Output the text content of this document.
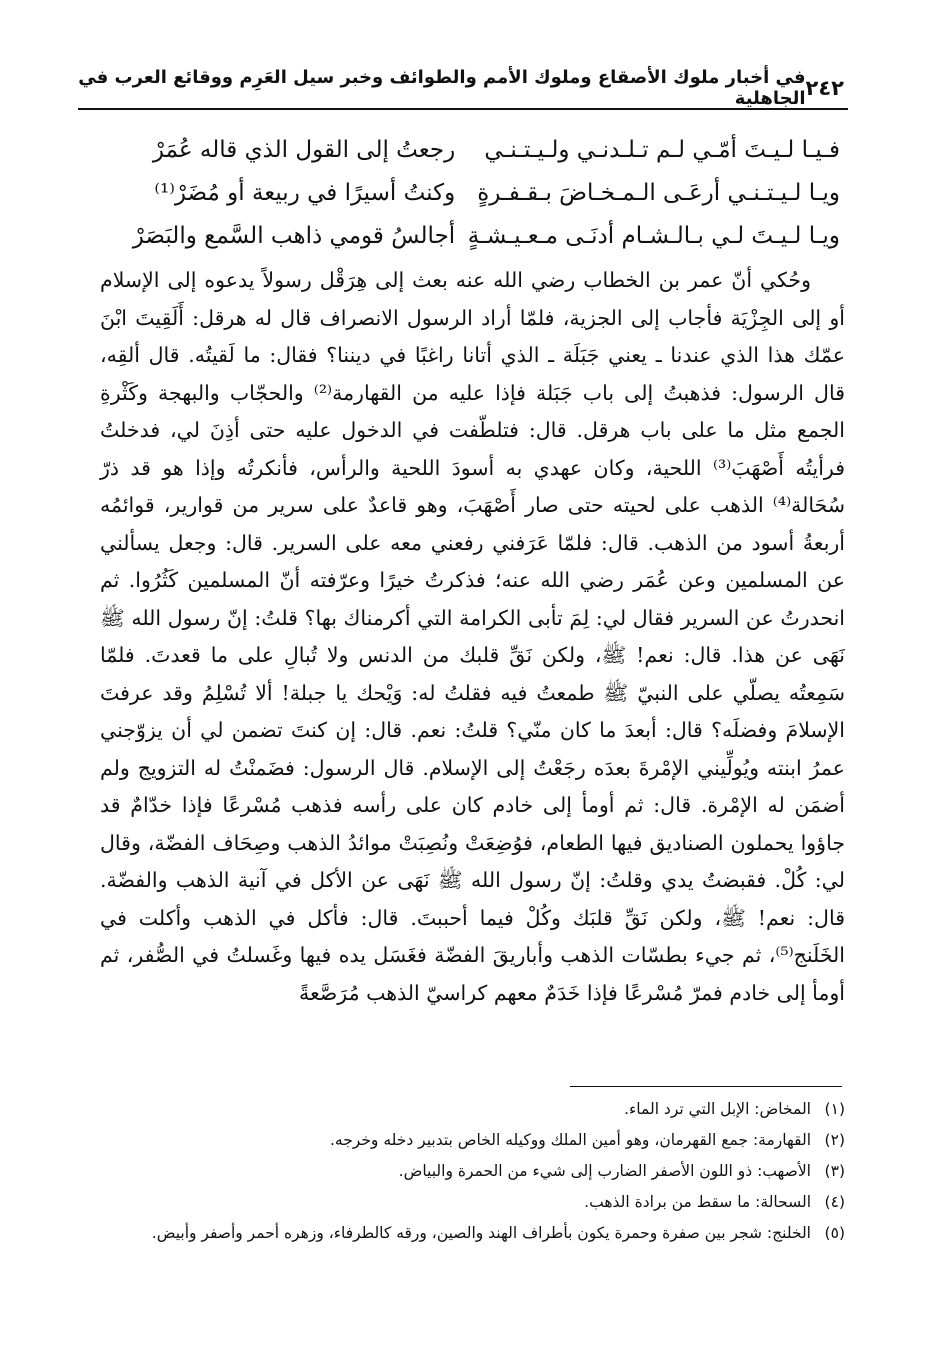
٢٤٢
في أخبار ملوك الأصقاع وملوك الأمم والطوائف وخبر سيل العَرِم ووقائع العرب في الجاهلية
فـيـا لـيـتَ أمّـي لـم تـلـدنـي ولـيـتـنـي
رجعتُ إلى القول الذي قاله عُمَرْ
ويـا لـيـتـنـي أرعَـى الـمـخـاضَ بـقـفـرةٍ
وكنتُ أسيرًا في ربيعة أو مُضَرْ⁽¹⁾
ويـا لـيـتَ لـي بـالـشـام أدنَـى مـعـيـشـةٍ
أجالسُ قومي ذاهب السَّمع والبَصَرْ

وحُكي أنّ عمر بن الخطاب رضي الله عنه بعث إلى هِرَقْل رسولاً يدعوه إلى الإسلام أو إلى الجِزْيَة فأجاب إلى الجزية، فلمّا أراد الرسول الانصراف قال له هرقل: أَلَقِيتَ ابْنَ عمّك هذا الذي عندنا ـ يعني جَبَلَة ـ الذي أتانا راغبًا في ديننا؟ فقال: ما لَقيتُه. قال ألقِه، قال الرسول: فذهبتُ إلى باب جَبَلة فإذا عليه من القهارمة⁽²⁾ والحجّاب والبهجة وكَثْرةِ الجمع مثل ما على باب هرقل. قال: فتلطّفت في الدخول عليه حتى أذِنَ لي، فدخلتُ فرأيتُه أَصْهَبَ⁽³⁾ اللحية، وكان عهدي به أسودَ اللحية والرأس، فأنكرتُه وإذا هو قد ذرّ سُحَالة⁽⁴⁾ الذهب على لحيته حتى صار أَصْهَبَ، وهو قاعدٌ على سرير من قوارير، قوائمُه أربعةُ أسود من الذهب. قال: فلمّا عَرَفني رفعني معه على السرير. قال: وجعل يسألني عن المسلمين وعن عُمَر رضي الله عنه؛ فذكرتُ خيرًا وعرّفته أنّ المسلمين كَثُرُوا. ثم انحدرتُ عن السرير فقال لي: لِمَ تأبى الكرامة التي أكرمناك بها؟ قلتُ: إنّ رسول الله ﷺ نَهَى عن هذا. قال: نعم! ﷺ، ولكن نَقِّ قلبك من الدنس ولا تُبالِ على ما قعدتَ. فلمّا سَمِعتُه يصلّي على النبيّ ﷺ طمعتُ فيه فقلتُ له: وَيْحك يا جبلة! ألا تُسْلِمُ وقد عرفتَ الإسلامَ وفضلَه؟ قال: أبعدَ ما كان منّي؟ قلتُ: نعم. قال: إن كنتَ تضمن لي أن يزوّجني عمرُ ابنته ويُولِّيني الإمْرةَ بعدَه رجَعْتُ إلى الإسلام. قال الرسول: فضَمنْتُ له التزويج ولم أضمَن له الإمْرة. قال: ثم أومأ إلى خادم كان على رأسه فذهب مُسْرعًا فإذا خدّامٌ قد جاؤوا يحملون الصناديق فيها الطعام، فوُضِعَتْ ونُصِبَتْ موائدُ الذهب وصِحَاف الفضّة، وقال لي: كُلْ. فقبضتُ يدي وقلتُ: إنّ رسول الله ﷺ نَهَى عن الأكل في آنية الذهب والفضّة. قال: نعم! ﷺ، ولكن نَقِّ قلبَك وكُلْ فيما أحببتَ. قال: فأكل في الذهب وأكلت في الخَلَنج⁽⁵⁾، ثم جيء بطسّات الذهب وأباريقَ الفضّة فغَسَل يده فيها وغَسلتُ في الصُّفر، ثم أومأ إلى خادم فمرّ مُسْرعًا فإذا خَدَمٌ معهم كراسيّ الذهب مُرَصَّعةً

(١)
المخاض: الإبل التي ترد الماء.
(٢)
القهارمة: جمع القهرمان، وهو أمين الملك ووكيله الخاص بتدبير دخله وخرجه.
(٣)
الأصهب: ذو اللون الأصفر الضارب إلى شيء من الحمرة والبياض.
(٤)
السحالة: ما سقط من برادة الذهب.
(٥)
الخلنج: شجر بين صفرة وحمرة يكون بأطراف الهند والصين، ورقه كالطرفاء، وزهره أحمر وأصفر وأبيض.
